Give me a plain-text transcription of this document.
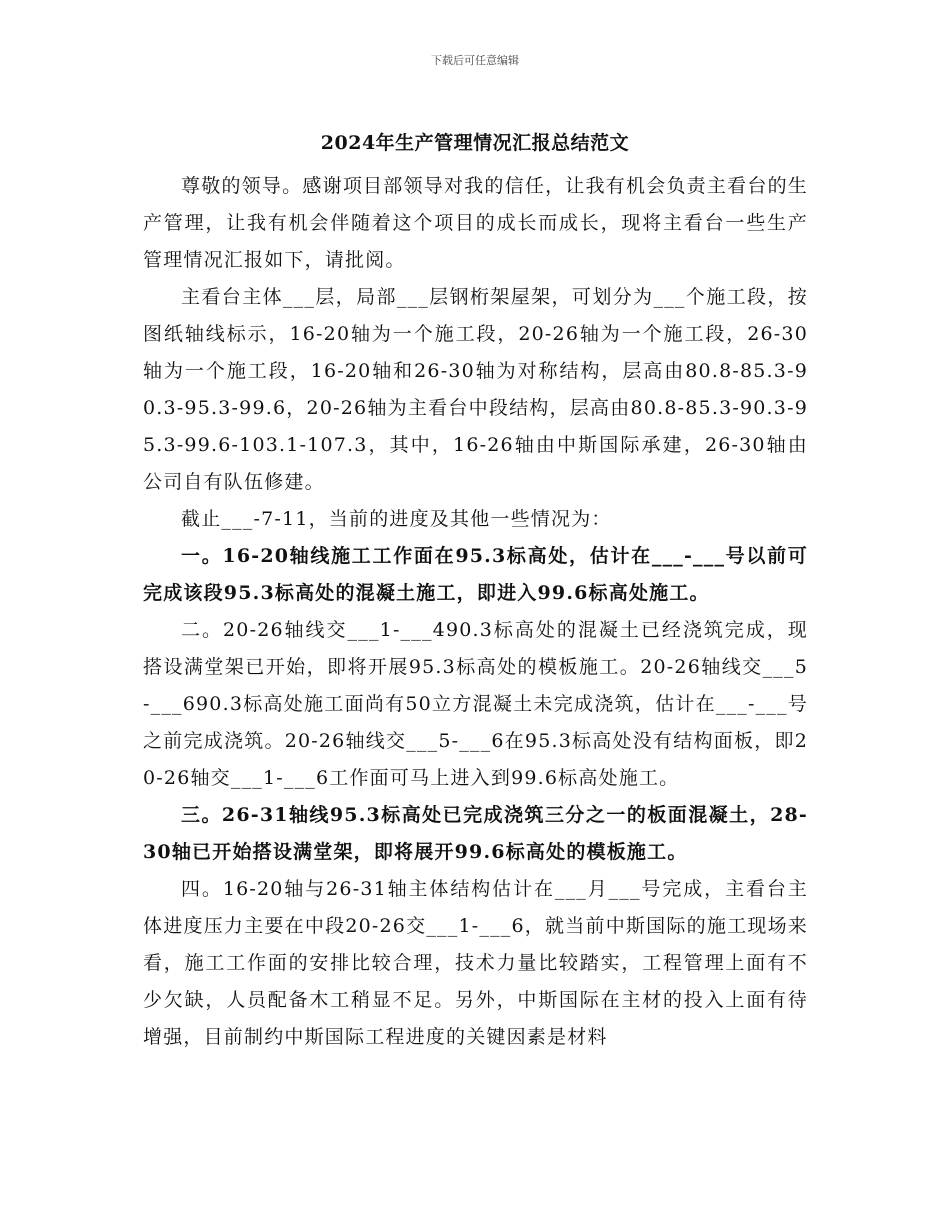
下载后可任意编辑
2024年生产管理情况汇报总结范文

尊敬的领导。感谢项目部领导对我的信任，让我有机会负责主看台的生产管理，让我有机会伴随着这个项目的成长而成长，现将主看台一些生产管理情况汇报如下，请批阅。

主看台主体___层，局部___层钢桁架屋架，可划分为___个施工段，按图纸轴线标示，16-20轴为一个施工段，20-26轴为一个施工段，26-30轴为一个施工段，16-20轴和26-30轴为对称结构，层高由80.8-85.3-90.3-95.3-99.6，20-26轴为主看台中段结构，层高由80.8-85.3-90.3-95.3-99.6-103.1-107.3，其中，16-26轴由中斯国际承建，26-30轴由公司自有队伍修建。

截止___-7-11，当前的进度及其他一些情况为：

一。16-20轴线施工工作面在95.3标高处，估计在___-___号以前可完成该段95.3标高处的混凝土施工，即进入99.6标高处施工。

二。20-26轴线交___1-___490.3标高处的混凝土已经浇筑完成，现搭设满堂架已开始，即将开展95.3标高处的模板施工。20-26轴线交___5-___690.3标高处施工面尚有50立方混凝土未完成浇筑，估计在___-___号之前完成浇筑。20-26轴线交___5-___6在95.3标高处没有结构面板，即20-26轴交___1-___6工作面可马上进入到99.6标高处施工。

三。26-31轴线95.3标高处已完成浇筑三分之一的板面混凝土，28-30轴已开始搭设满堂架，即将展开99.6标高处的模板施工。

四。16-20轴与26-31轴主体结构估计在___月___号完成，主看台主体进度压力主要在中段20-26交___1-___6，就当前中斯国际的施工现场来看，施工工作面的安排比较合理，技术力量比较踏实，工程管理上面有不少欠缺，人员配备木工稍显不足。另外，中斯国际在主材的投入上面有待增强，目前制约中斯国际工程进度的关键因素是材料
